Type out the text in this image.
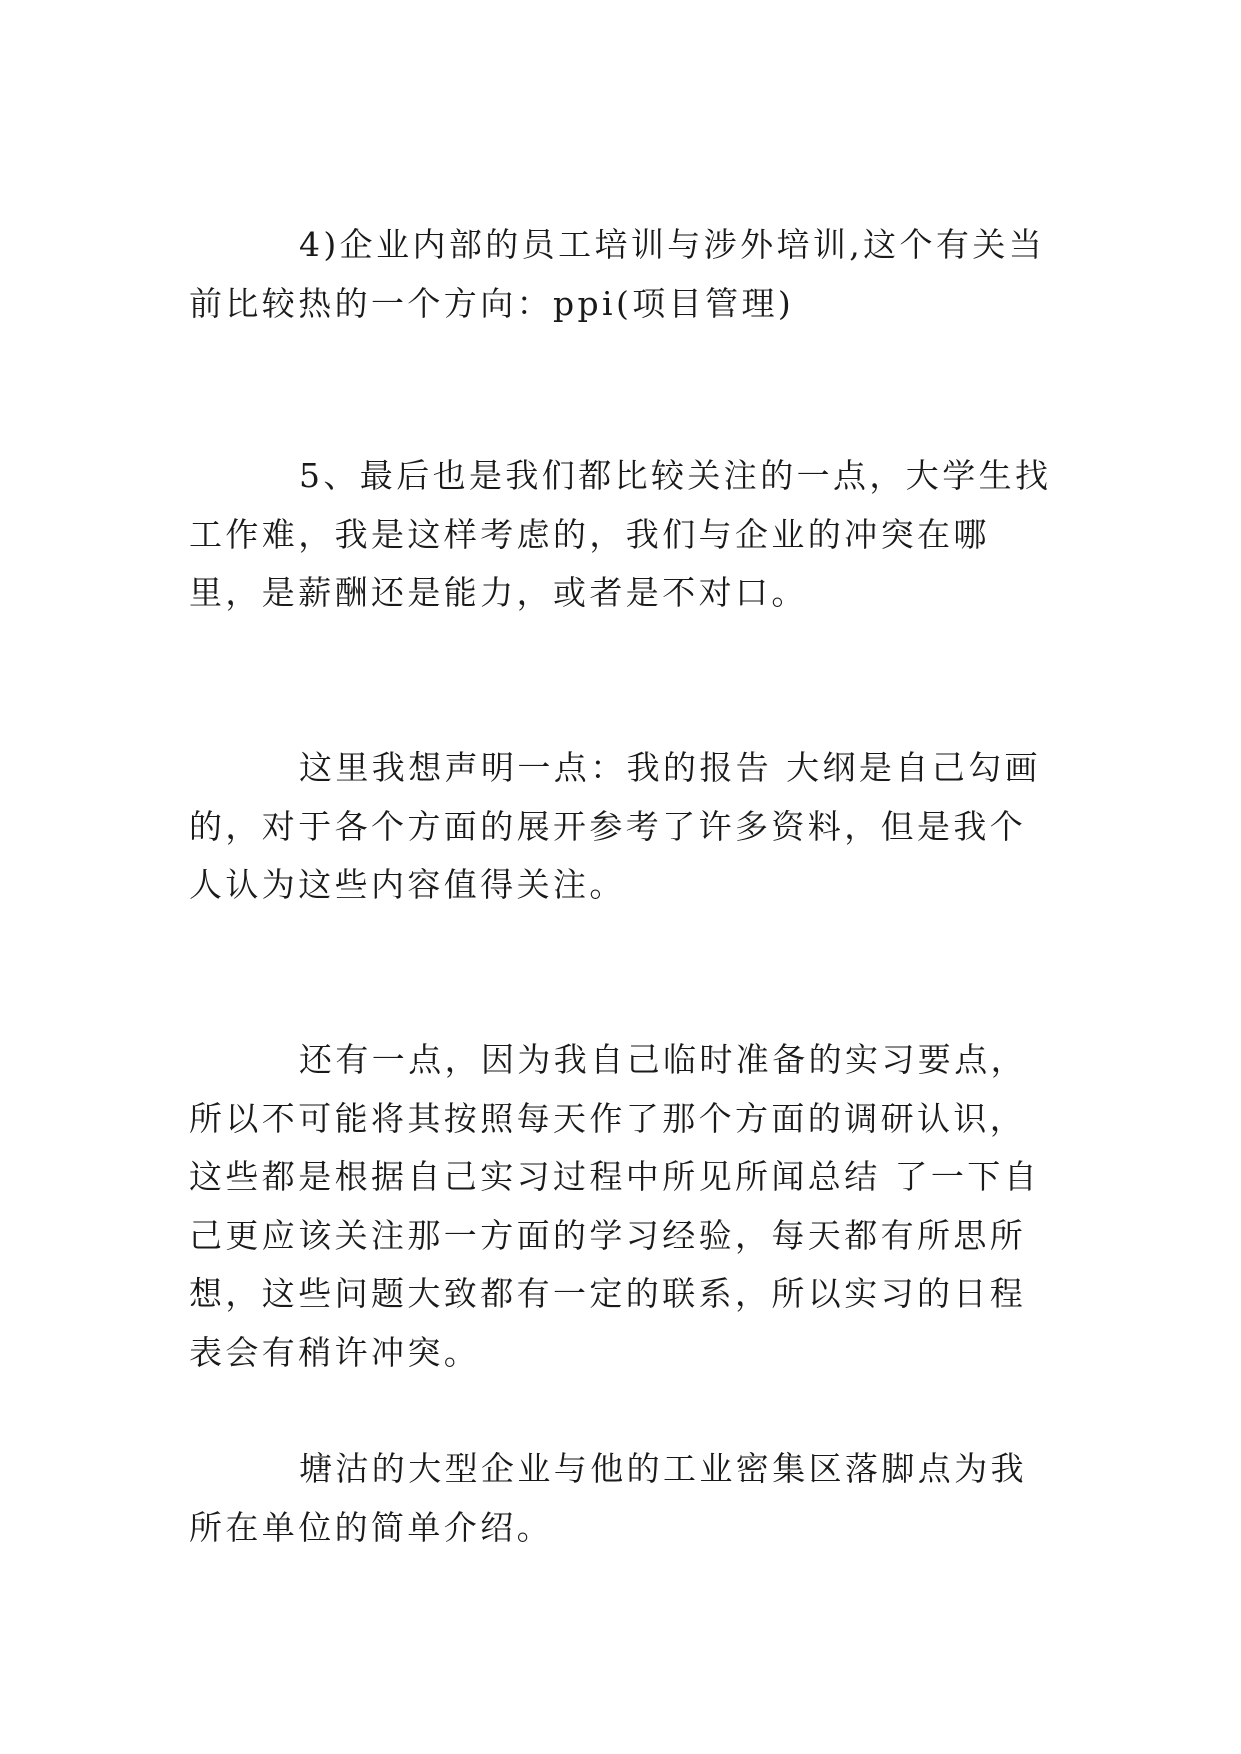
4)企业内部的员工培训与涉外培训,这个有关当前比较热的一个方向：ppi(项目管理)

5、最后也是我们都比较关注的一点，大学生找工作难，我是这样考虑的，我们与企业的冲突在哪里，是薪酬还是能力，或者是不对口。

这里我想声明一点：我的报告 大纲是自己勾画的，对于各个方面的展开参考了许多资料，但是我个人认为这些内容值得关注。

还有一点，因为我自己临时准备的实习要点，所以不可能将其按照每天作了那个方面的调研认识，这些都是根据自己实习过程中所见所闻总结 了一下自己更应该关注那一方面的学习经验，每天都有所思所想，这些问题大致都有一定的联系，所以实习的日程表会有稍许冲突。

塘沽的大型企业与他的工业密集区落脚点为我所在单位的简单介绍。
